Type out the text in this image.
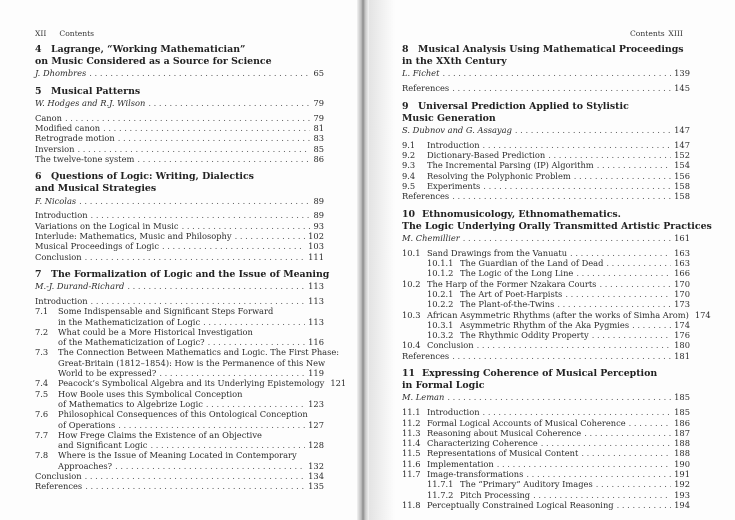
XII Contents
4 Lagrange, “Working Mathematician”
on Music Considered as a Source for Science
J. Dhombres . . .	65
5 Musical Patterns
W. Hodges and R.J. Wilson . . .	79
Canon . . .	79
Modified canon . . .	81
Retrograde motion . . .	83
Inversion . . .	85
The twelve-tone system . . .	86
6 Questions of Logic: Writing, Dialectics
and Musical Strategies
F. Nicolas . . .	89
Introduction . . .	89
Variations on the Logical in Music . . .	93
Interlude: Mathematics, Music and Philosophy . . .	102
Musical Proceedings of Logic . . .	103
Conclusion . . .	111
7 The Formalization of Logic and the Issue of Meaning
M.-J. Durand-Richard . . .	113
Introduction . . .	113
7.1	Some Indispensable and Significant Steps Forward
in the Mathematicization of Logic . . .	113
7.2	What could be a More Historical Investigation
of the Mathematicization of Logic? . . .	116
7.3	The Connection Between Mathematics and Logic. The First Phase:
Great-Britain (1812–1854): How is the Permanence of this New
World to be expressed? . . .	119
7.4	Peacock’s Symbolical Algebra and its Underlying Epistemology 121
7.5	How Boole uses this Symbolical Conception
of Mathematics to Algebrize Logic . . .	123
7.6	Philosophical Consequences of this Ontological Conception
of Operations . . .	127
7.7	How Frege Claims the Existence of an Objective
and Significant Logic . . .	128
7.8	Where is the Issue of Meaning Located in Contemporary
Approaches? . . .	132
Conclusion . . .	134
References . . .	135
Contents XIII
8 Musical Analysis Using Mathematical Proceedings
in the XXth Century
L. Fichet . . .	139
References . . .	145
9 Universal Prediction Applied to Stylistic
Music Generation
S. Dubnov and G. Assayag . . .	147
9.1	Introduction . . .	147
9.2	Dictionary-Based Prediction . . .	152
9.3	The Incremental Parsing (IP) Algorithm . . .	154
9.4	Resolving the Polyphonic Problem . . .	156
9.5	Experiments . . .	158
References . . .	158
10 Ethnomusicology, Ethnomathematics.
The Logic Underlying Orally Transmitted Artistic Practices
M. Chemillier . . .	161
10.1 Sand Drawings from the Vanuatu . . .	163
10.1.1 The Guardian of the Land of Dead . . .	163
10.1.2 The Logic of the Long Line . . .	166
10.2 The Harp of the Former Nzakara Courts . . .	170
10.2.1 The Art of Poet-Harpists . . .	170
10.2.2 The Plant-of-the-Twins . . .	173
10.3 African Asymmetric Rhythms (after the works of Simha Arom) 174
10.3.1 Asymmetric Rhythm of the Aka Pygmies . . .	174
10.3.2 The Rhythmic Oddity Property . . .	176
10.4 Conclusion . . .	180
References . . .	181
11 Expressing Coherence of Musical Perception
in Formal Logic
M. Leman . . .	185
11.1 Introduction . . .	185
11.2 Formal Logical Accounts of Musical Coherence . . .	186
11.3 Reasoning about Musical Coherence . . .	187
11.4 Characterizing Coherence . . .	188
11.5 Representations of Musical Content . . .	188
11.6 Implementation . . .	190
11.7 Image-transformations . . .	191
11.7.1 The “Primary” Auditory Images . . .	192
11.7.2 Pitch Processing . . .	193
11.8 Perceptually Constrained Logical Reasoning . . .	194
